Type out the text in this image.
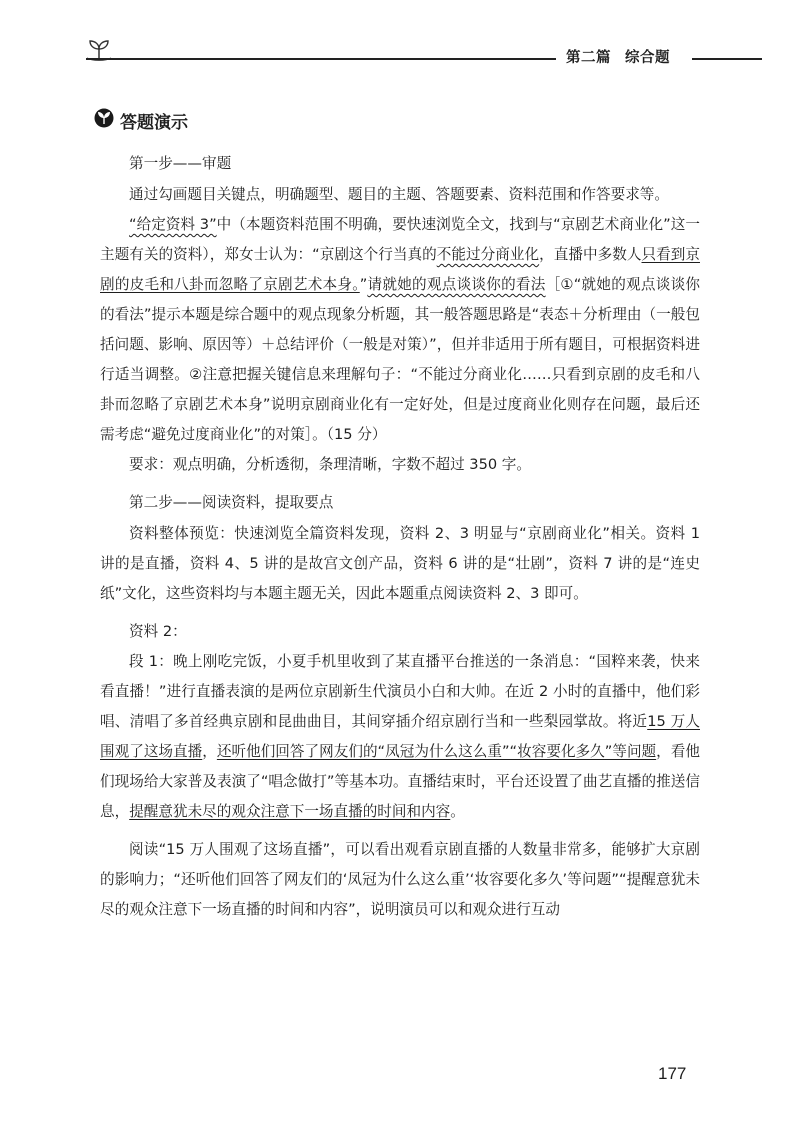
第二篇 综合题
答题演示

第一步——审题

通过勾画题目关键点，明确题型、题目的主题、答题要素、资料范围和作答要求等。

“给定资料 3”中（本题资料范围不明确，要快速浏览全文，找到与“京剧艺术商业化”这一主题有关的资料），郑女士认为：“京剧这个行当真的不能过分商业化，直播中多数人只看到京剧的皮毛和八卦而忽略了京剧艺术本身。”请就她的观点谈谈你的看法［①“就她的观点谈谈你的看法”提示本题是综合题中的观点现象分析题，其一般答题思路是“表态＋分析理由（一般包括问题、影响、原因等）＋总结评价（一般是对策）”，但并非适用于所有题目，可根据资料进行适当调整。②注意把握关键信息来理解句子：“不能过分商业化……只看到京剧的皮毛和八卦而忽略了京剧艺术本身”说明京剧商业化有一定好处，但是过度商业化则存在问题，最后还需考虑“避免过度商业化”的对策］。（15 分）

要求：观点明确，分析透彻，条理清晰，字数不超过 350 字。

第二步——阅读资料，提取要点

资料整体预览：快速浏览全篇资料发现，资料 2、3 明显与“京剧商业化”相关。资料 1 讲的是直播，资料 4、5 讲的是故宫文创产品，资料 6 讲的是“壮剧”，资料 7 讲的是“连史纸”文化，这些资料均与本题主题无关，因此本题重点阅读资料 2、3 即可。

资料 2：

段 1：晚上刚吃完饭，小夏手机里收到了某直播平台推送的一条消息：“国粹来袭，快来看直播！”进行直播表演的是两位京剧新生代演员小白和大帅。在近 2 小时的直播中，他们彩唱、清唱了多首经典京剧和昆曲曲目，其间穿插介绍京剧行当和一些梨园掌故。将近15 万人围观了这场直播，还听他们回答了网友们的“凤冠为什么这么重”“妆容要化多久”等问题，看他们现场给大家普及表演了“唱念做打”等基本功。直播结束时，平台还设置了曲艺直播的推送信息，提醒意犹未尽的观众注意下一场直播的时间和内容。

阅读“15 万人围观了这场直播”，可以看出观看京剧直播的人数量非常多，能够扩大京剧的影响力；“还听他们回答了网友们的‘凤冠为什么这么重’‘妆容要化多久’等问题”“提醒意犹未尽的观众注意下一场直播的时间和内容”，说明演员可以和观众进行互动

177
